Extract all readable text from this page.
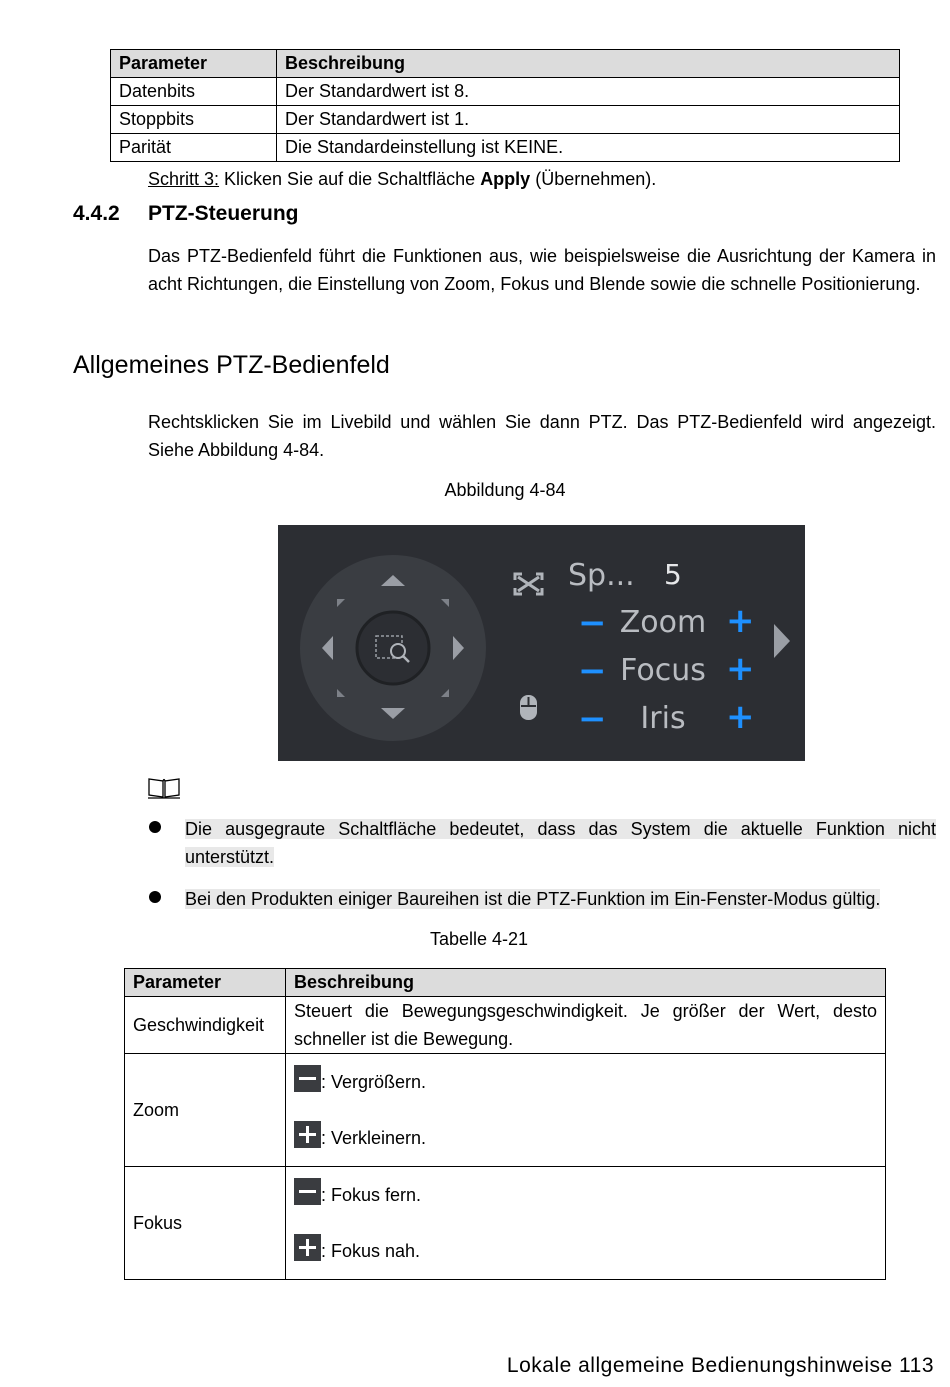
Parameter	Beschreibung
Datenbits	Der Standardwert ist 8.
Stoppbits	Der Standardwert ist 1.
Parität	Die Standardeinstellung ist KEINE.
Schritt 3: Klicken Sie auf die Schaltfläche Apply (Übernehmen).
4.4.2 PTZ-Steuerung
Das PTZ-Bedienfeld führt die Funktionen aus, wie beispielsweise die Ausrichtung der Kamera in acht Richtungen, die Einstellung von Zoom, Fokus und Blende sowie die schnelle Positionierung.
Allgemeines PTZ-Bedienfeld
Rechtsklicken Sie im Livebild und wählen Sie dann PTZ. Das PTZ-Bedienfeld wird angezeigt. Siehe Abbildung 4-84.
Abbildung 4-84
Sp... 5
− Zoom +
− Focus +
−	Iris	+
Die ausgegraute Schaltfläche bedeutet, dass das System die aktuelle Funktion nicht unterstützt.
Bei den Produkten einiger Baureihen ist die PTZ-Funktion im Ein-Fenster-Modus gültig.
Tabelle 4-21
Parameter	Beschreibung
Geschwindigkeit	Steuert die Bewegungsgeschwindigkeit. Je größer der Wert, desto schneller ist die Bewegung.
Zoom	: Vergrößern.
: Verkleinern.

Fokus	: Fokus fern.
: Fokus nah.
Lokale allgemeine Bedienungshinweise 113
